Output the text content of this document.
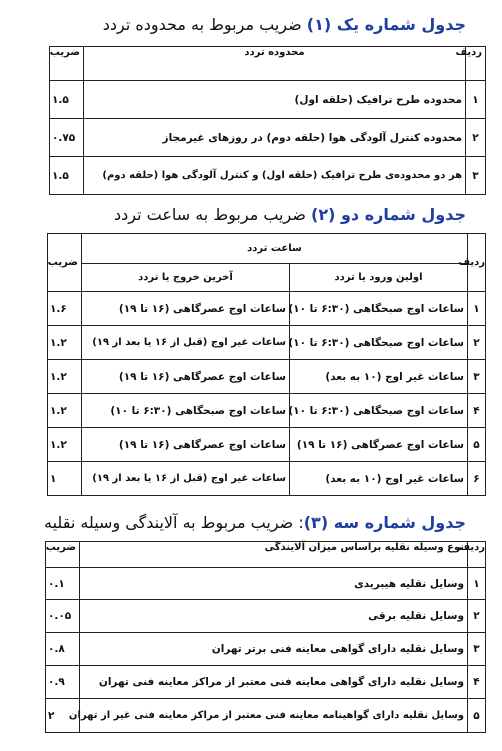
جدول شماره یک (۱) ضریب مربوط به محدوده تردد
ردیف	محدوده تردد	ضریب
۱	محدوده طرح ترافیک (حلقه اول)	۱.۵
۲	محدوده کنترل آلودگی هوا (حلقه دوم) در روزهای غیرمجاز	۰.۷۵
۳	هر دو محدوده‌ی طرح ترافیک (حلقه اول) و کنترل آلودگی هوا (حلقه دوم)	۱.۵
جدول شماره دو (۲) ضریب مربوط به ساعت تردد
ردیف	ساعت تردد		ضریب
	اولین ورود یا تردد	آخرین خروج یا تردد	
۱	ساعات اوج صبحگاهی (۶:۳۰ تا ۱۰)	ساعات اوج عصرگاهی (۱۶ تا ۱۹)	۱.۶
۲	ساعات اوج صبحگاهی (۶:۳۰ تا ۱۰)	ساعات غیر اوج (قبل از ۱۶ یا بعد از ۱۹)	۱.۲
۳	ساعات غیر اوج (۱۰ به بعد)	ساعات اوج عصرگاهی (۱۶ تا ۱۹)	۱.۲
۴	ساعات اوج صبحگاهی (۶:۳۰ تا ۱۰)	ساعات اوج صبحگاهی (۶:۳۰ تا ۱۰)	۱.۲
۵	ساعات اوج عصرگاهی (۱۶ تا ۱۹)	ساعات اوج عصرگاهی (۱۶ تا ۱۹)	۱.۲
۶	ساعات غیر اوج (۱۰ به بعد)	ساعات غیر اوج (قبل از ۱۶ یا بعد از ۱۹)	۱
جدول شماره سه (۳): ضریب مربوط به آلایندگی وسیله نقلیه
ردیف	نوع وسیله نقلیه براساس میزان آلایندگی	ضریب
۱	وسایل نقلیه هیبریدی	۰.۱
۲	وسایل نقلیه برقی	۰.۰۵
۳	وسایل نقلیه دارای گواهی معاینه فنی برتر تهران	۰.۸
۴	وسایل نقلیه دارای گواهی معاینه فنی معتبر از مراکز معاینه فنی تهران	۰.۹
۵	وسایل نقلیه دارای گواهینامه معاینه فنی معتبر از مراکز معاینه فنی غیر از تهران	۲
